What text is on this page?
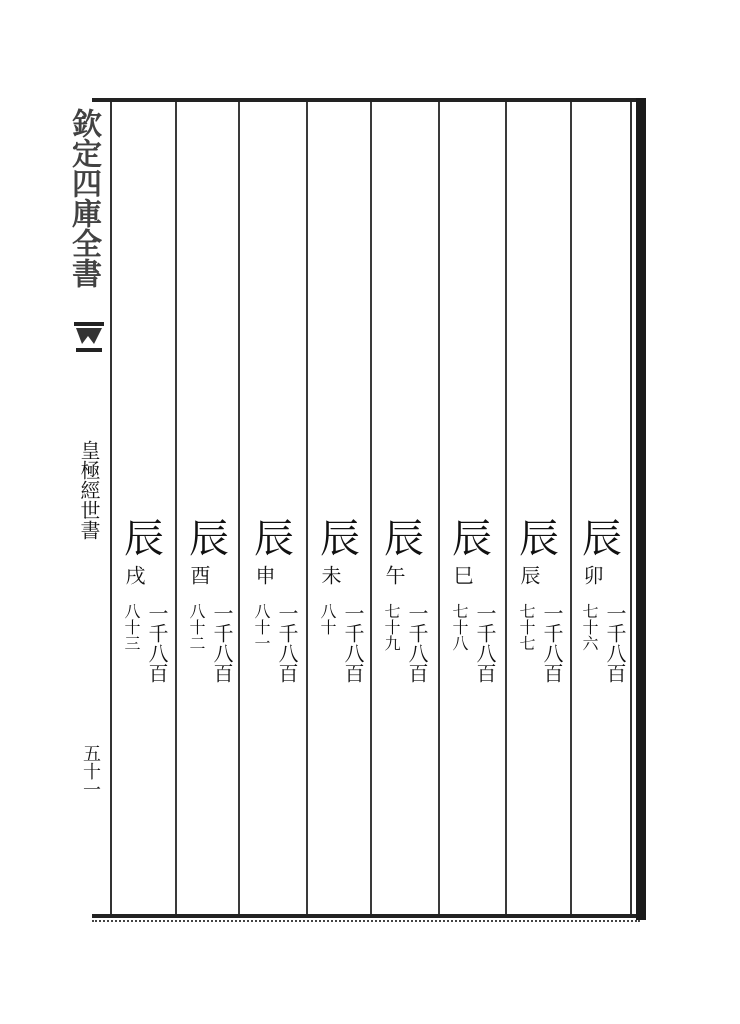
欽定四庫全書
皇極經世書
五十一
辰
卯
一千八百
七十六
辰
辰
一千八百
七十七
辰
巳
一千八百
七十八
辰
午
一千八百
七十九
辰
未
一千八百
八十
辰
申
一千八百
八十一
辰
酉
一千八百
八十二
辰
戌
一千八百
八十三
